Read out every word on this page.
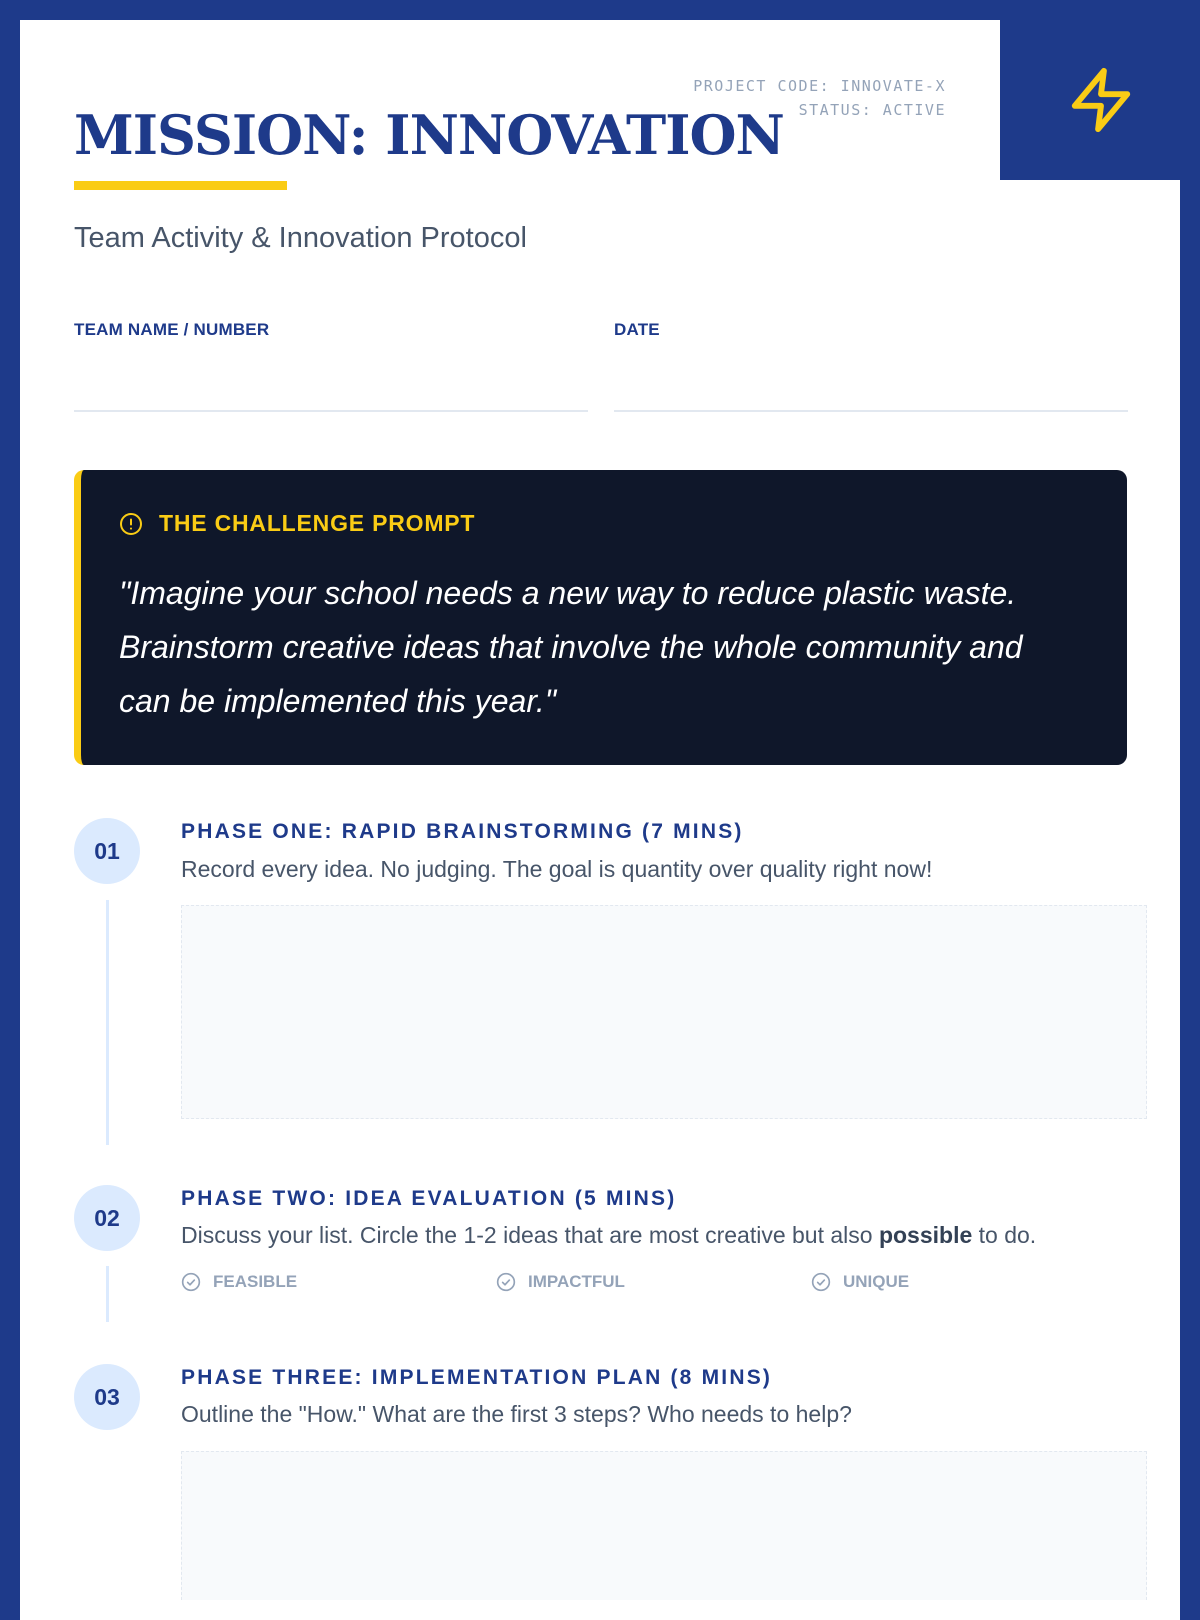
PROJECT CODE: INNOVATE-X
STATUS: ACTIVE
MISSION: INNOVATION
Team Activity & Innovation Protocol
TEAM NAME / NUMBER	DATE
THE CHALLENGE PROMPT

"Imagine your school needs a new way to reduce plastic waste. Brainstorm creative ideas that involve the whole community and can be implemented this year."

01
PHASE ONE: RAPID BRAINSTORMING (7 MINS)
Record every idea. No judging. The goal is quantity over quality right now!
02
PHASE TWO: IDEA EVALUATION (5 MINS)
Discuss your list. Circle the 1-2 ideas that are most creative but also possible to do.
FEASIBLE	IMPACTFUL	UNIQUE
03
PHASE THREE: IMPLEMENTATION PLAN (8 MINS)
Outline the "How." What are the first 3 steps? Who needs to help?
